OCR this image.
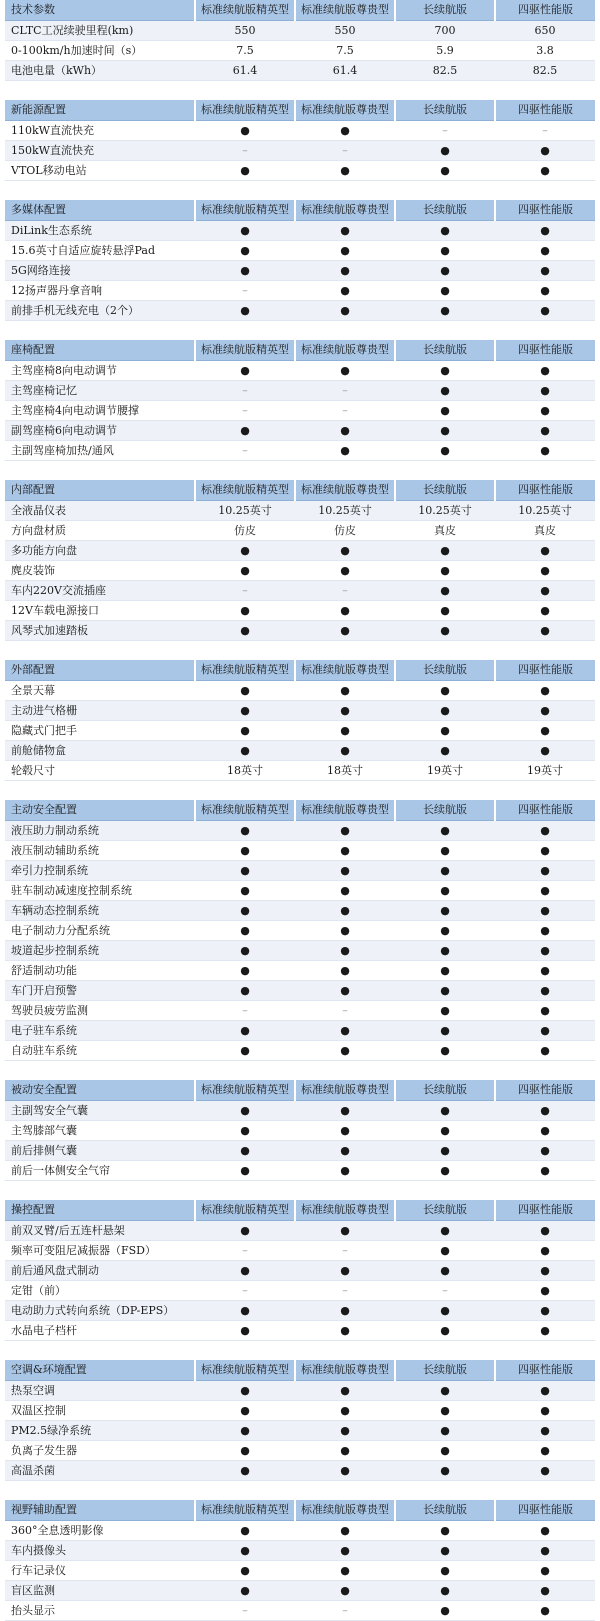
技术参数	标准续航版精英型	标准续航版尊贵型	长续航版	四驱性能版
CLTC工况续驶里程(km)	550	550	700	650
0-100km/h加速时间（s）	7.5	7.5	5.9	3.8
电池电量（kWh）	61.4	61.4	82.5	82.5

新能源配置	标准续航版精英型	标准续航版尊贵型	长续航版	四驱性能版
110kW直流快充	●	●	–	–
150kW直流快充	–	–	●	●
VTOL移动电站	●	●	●	●

多媒体配置	标准续航版精英型	标准续航版尊贵型	长续航版	四驱性能版
DiLink生态系统	●	●	●	●
15.6英寸自适应旋转悬浮Pad	●	●	●	●
5G网络连接	●	●	●	●
12扬声器丹拿音响	–	●	●	●
前排手机无线充电（2个）	●	●	●	●

座椅配置	标准续航版精英型	标准续航版尊贵型	长续航版	四驱性能版
主驾座椅8向电动调节	●	●	●	●
主驾座椅记忆	–	–	●	●
主驾座椅4向电动调节腰撑	–	–	●	●
副驾座椅6向电动调节	●	●	●	●
主副驾座椅加热/通风	–	●	●	●

内部配置	标准续航版精英型	标准续航版尊贵型	长续航版	四驱性能版
全液晶仪表	10.25英寸	10.25英寸	10.25英寸	10.25英寸
方向盘材质	仿皮	仿皮	真皮	真皮
多功能方向盘	●	●	●	●
麂皮装饰	●	●	●	●
车内220V交流插座	–	–	●	●
12V车载电源接口	●	●	●	●
风琴式加速踏板	●	●	●	●

外部配置	标准续航版精英型	标准续航版尊贵型	长续航版	四驱性能版
全景天幕	●	●	●	●
主动进气格栅	●	●	●	●
隐藏式门把手	●	●	●	●
前舱储物盒	●	●	●	●
轮毂尺寸	18英寸	18英寸	19英寸	19英寸

主动安全配置	标准续航版精英型	标准续航版尊贵型	长续航版	四驱性能版
液压助力制动系统	●	●	●	●
液压制动辅助系统	●	●	●	●
牵引力控制系统	●	●	●	●
驻车制动减速度控制系统	●	●	●	●
车辆动态控制系统	●	●	●	●
电子制动力分配系统	●	●	●	●
坡道起步控制系统	●	●	●	●
舒适制动功能	●	●	●	●
车门开启预警	●	●	●	●
驾驶员疲劳监测	–	–	●	●
电子驻车系统	●	●	●	●
自动驻车系统	●	●	●	●

被动安全配置	标准续航版精英型	标准续航版尊贵型	长续航版	四驱性能版
主副驾安全气囊	●	●	●	●
主驾膝部气囊	●	●	●	●
前后排侧气囊	●	●	●	●
前后一体侧安全气帘	●	●	●	●

操控配置	标准续航版精英型	标准续航版尊贵型	长续航版	四驱性能版
前双叉臂/后五连杆悬架	●	●	●	●
频率可变阻尼减振器（FSD）	–	–	●	●
前后通风盘式制动	●	●	●	●
定钳（前）	–	–	–	●
电动助力式转向系统（DP-EPS）	●	●	●	●
水晶电子档杆	●	●	●	●

空调&环境配置	标准续航版精英型	标准续航版尊贵型	长续航版	四驱性能版
热泵空调	●	●	●	●
双温区控制	●	●	●	●
PM2.5绿净系统	●	●	●	●
负离子发生器	●	●	●	●
高温杀菌	●	●	●	●

视野辅助配置	标准续航版精英型	标准续航版尊贵型	长续航版	四驱性能版
360°全息透明影像	●	●	●	●
车内摄像头	●	●	●	●
行车记录仪	●	●	●	●
盲区监测	●	●	●	●
抬头显示	–	–	●	●
